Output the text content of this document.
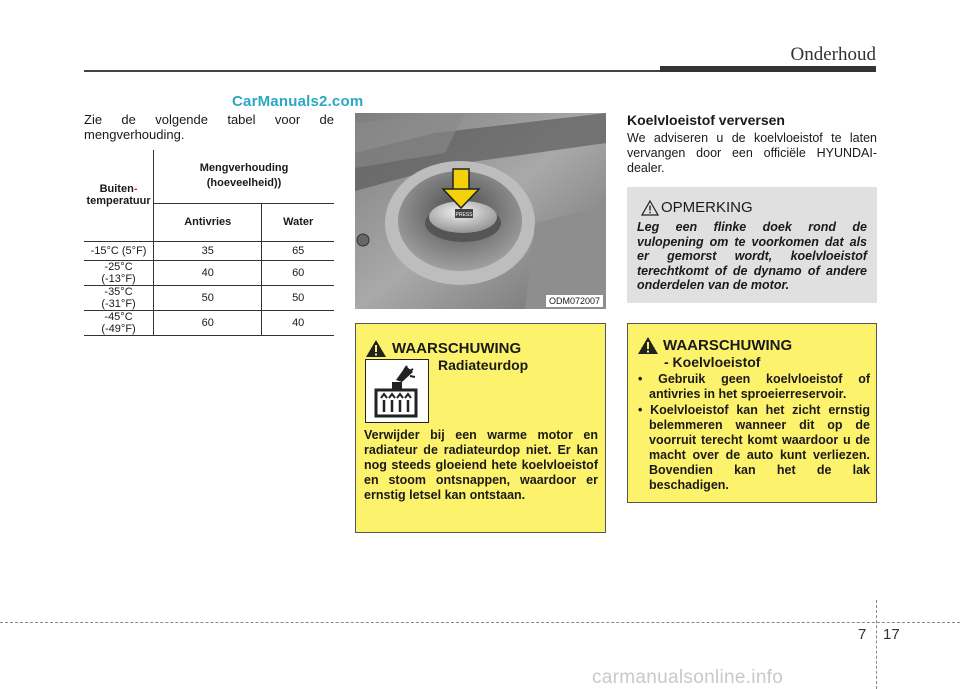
Onderhoud
CarManuals2.com

Zie de volgende tabel voor de mengverhouding.

Buiten-
temperatuur	Mengverhouding (hoeveelheid))	
	Antivries	Water
-15°C (5°F)	35	65
-25°C (-13°F)	40	60
-35°C (-31°F)	50	50
-45°C (-49°F)	60	40
PRESS
ODM072007
Koelvloeistof verversen

We adviseren u de koelvloeistof te laten vervangen door een officiële HYUNDAI-dealer.

OPMERKING

Leg een flinke doek rond de vulopening om te voorkomen dat als er gemorst wordt, koelvloeistof terechtkomt of de dynamo of andere onderdelen van de motor.

WAARSCHUWING
Radiateurdop

Verwijder bij een warme motor en radiateur de radiateurdop niet. Er kan nog steeds gloeiend hete koelvloeistof en stoom ontsnappen, waardoor er ernstig letsel kan ontstaan.

WAARSCHUWING
- Koelvloeistof
• Gebruik geen koelvloeistof of antivries in het sproeierreservoir.
• Koelvloeistof kan het zicht ernstig belemmeren wanneer dit op de voorruit terecht komt waardoor u de macht over de auto kunt verliezen. Bovendien kan het de lak beschadigen.
7 17
carmanualsonline.info
